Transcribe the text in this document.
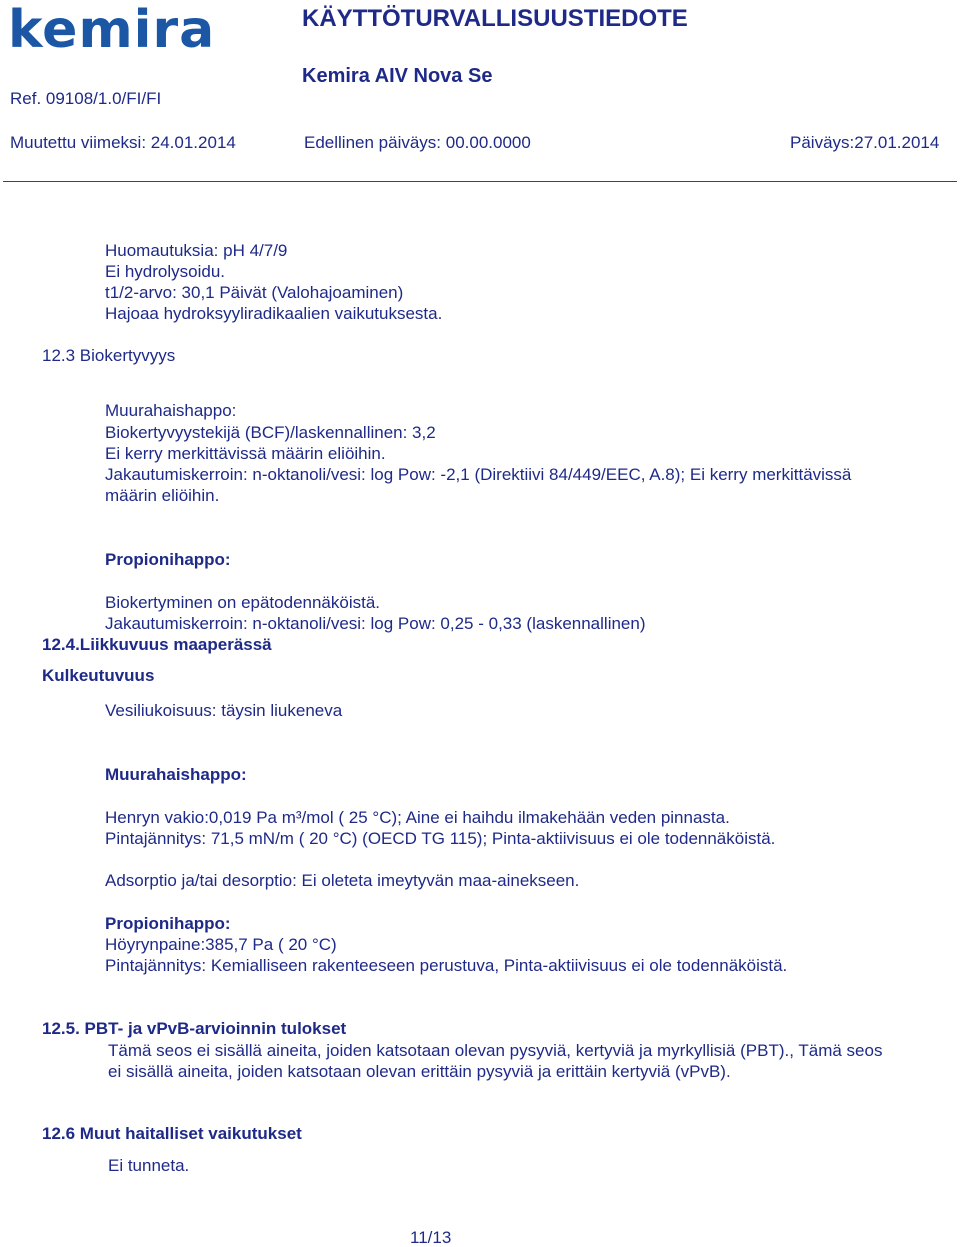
kemira	KÄYTTÖTURVALLISUUSTIEDOTE
Kemira AIV Nova Se
Ref. 09108/1.0/FI/FI
Muutettu viimeksi: 24.01.2014	Edellinen päiväys: 00.00.0000	Päiväys:27.01.2014
Huomautuksia: pH 4/7/9
Ei hydrolysoidu.
t1/2-arvo: 30,1 Päivät (Valohajoaminen)
Hajoaa hydroksyyliradikaalien vaikutuksesta.
12.3 Biokertyvyys
Muurahaishappo:
Biokertyvyystekijä (BCF)/laskennallinen: 3,2
Ei kerry merkittävissä määrin eliöihin.
Jakautumiskerroin: n-oktanoli/vesi: log Pow: -2,1 (Direktiivi 84/449/EEC, A.8); Ei kerry merkittävissä
määrin eliöihin.
Propionihappo:
Biokertyminen on epätodennäköistä.
Jakautumiskerroin: n-oktanoli/vesi: log Pow: 0,25 - 0,33 (laskennallinen)
12.4.Liikkuvuus maaperässä
Kulkeutuvuus
Vesiliukoisuus: täysin liukeneva
Muurahaishappo:
Henryn vakio:0,019 Pa m³/mol ( 25 °C); Aine ei haihdu ilmakehään veden pinnasta.
Pintajännitys: 71,5 mN/m ( 20 °C) (OECD TG 115); Pinta-aktiivisuus ei ole todennäköistä.
Adsorptio ja/tai desorptio: Ei oleteta imeytyvän maa-ainekseen.
Propionihappo:
Höyrynpaine:385,7 Pa ( 20 °C)
Pintajännitys: Kemialliseen rakenteeseen perustuva, Pinta-aktiivisuus ei ole todennäköistä.
12.5. PBT- ja vPvB-arvioinnin tulokset
Tämä seos ei sisällä aineita, joiden katsotaan olevan pysyviä, kertyviä ja myrkyllisiä (PBT)., Tämä seos
ei sisällä aineita, joiden katsotaan olevan erittäin pysyviä ja erittäin kertyviä (vPvB).
12.6 Muut haitalliset vaikutukset
Ei tunneta.
11/13
